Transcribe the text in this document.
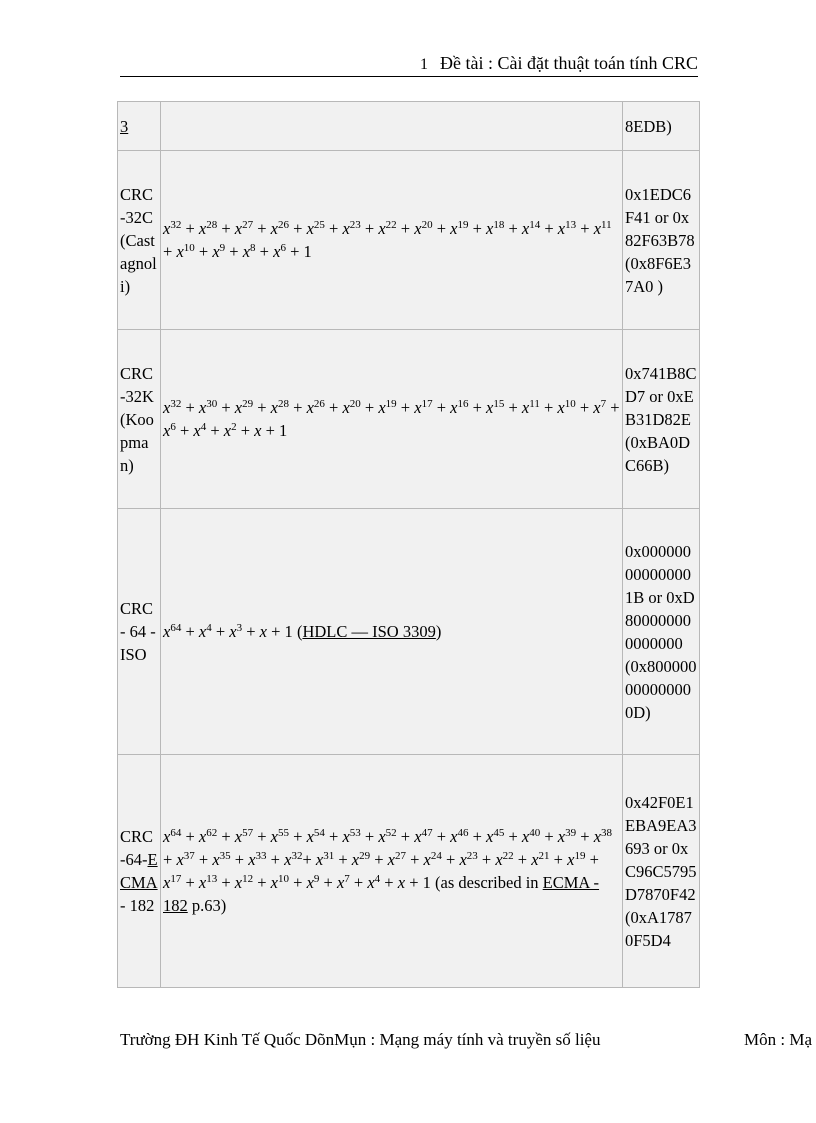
1 Đề tài : Cài đặt thuật toán tính CRC
3		8EDB)
CRC-32C (Castagnoli)	$x^{32} + x^{28} + x^{27} + x^{26} + x^{25} + x^{23} + x^{22} + x^{20} + x^{19} + x^{18} + x^{14} + x^{13} + x^{11} + x^{10} + x^9 + x^8 + x^6 + 1$	0x1EDC6F41 or 0x82F63B78 (0x8F6E37A0 )
CRC-32K (Koopman)	$x^{32} + x^{30} + x^{29} + x^{28} + x^{26} + x^{20} + x^{19} + x^{17} + x^{16} + x^{15} + x^{11} + x^{10} + x^7 + x^6 + x^4 + x^2 + x + 1$	0x741B8CD7 or 0xEB31D82E (0xBA0DC66B)
CRC - 64 - ISO	$x^{64} + x^4 + x^3 + x + 1$ (HDLC — ISO 3309)	0x000000000000001B or 0xD800000000000000 (0x800000000000000D)
CRC-64-ECMA- 182	$x^{64} + x^{62} + x^{57} + x^{55} + x^{54} + x^{53} + x^{52} + x^{47} + x^{46} + x^{45} + x^{40} + x^{39} + x^{38} + x^{37} + x^{35} + x^{33} + x^{32}+ x^{31} + x^{29} + x^{27} + x^{24} + x^{23} + x^{22} + x^{21} + x^{19} + x^{17} + x^{13} + x^{12} + x^{10} + x^9 + x^7 + x^4$ + x + 1 (as described in ECMA - 182 p.63)	0x42F0E1EBA9EA3693 or 0xC96C5795D7870F42 (0xA17870F5D4
Trường ĐH Kinh Tế Quốc DõnMụn : Mạng máy tính và truyền số liệu	Môn : Mạ
